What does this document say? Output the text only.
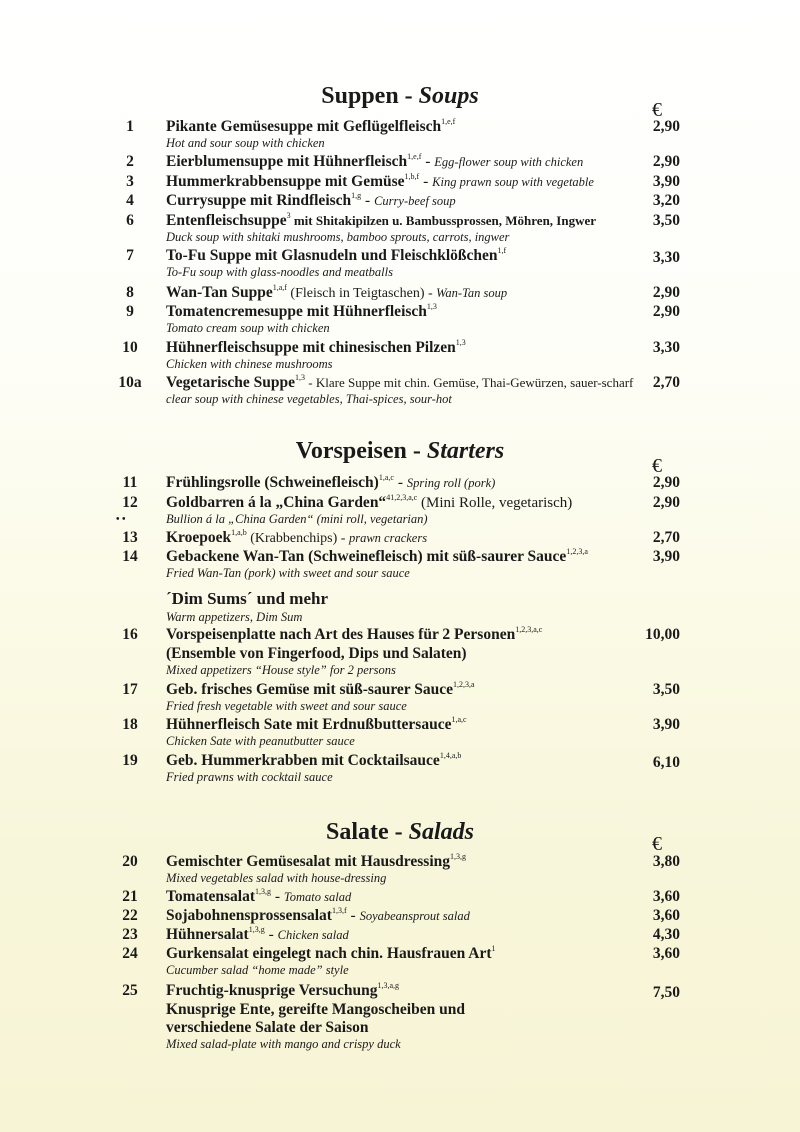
Suppen - Soups
€
1	Pikante Gemüsesuppe mit Geflügelfleisch$^{1,e,f}$	2,90
Hot and sour soup with chicken
2	Eierblumensuppe mit Hühnerfleisch$^{1,e,f}$ - Egg-flower soup with chicken	2,90
3	Hummerkrabbensuppe mit Gemüse$^{1,b,f}$ - King prawn soup with vegetable	3,90
4	Currysuppe mit Rindfleisch$^{1,g}$ - Curry-beef soup	3,20
6	Entenfleischsuppe$^3$ mit Shitakipilzen u. Bambussprossen, Möhren, Ingwer	3,50
Duck soup with shitaki mushrooms, bamboo sprouts, carrots, ingwer
7	To-Fu Suppe mit Glasnudeln und Fleischklößchen$^{1,f}$	3,30
To-Fu soup with glass-noodles and meatballs
8	Wan-Tan Suppe$^{1,a,f}$ (Fleisch in Teigtaschen) - Wan-Tan soup	2,90
9	Tomatencremesuppe mit Hühnerfleisch$^{1,3}$	2,90
Tomato cream soup with chicken
10	Hühnerfleischsuppe mit chinesischen Pilzen$^{1,3}$	3,30
Chicken with chinese mushrooms
10a	Vegetarische Suppe$^{1,3}$ - Klare Suppe mit chin. Gemüse, Thai-Gewürzen, sauer-scharf	2,70
clear soup with chinese vegetables, Thai-spices, sour-hot
Vorspeisen - Starters
€
11	Frühlingsrolle (Schweinefleisch)$^{1,a,c}$ - Spring roll (pork)	2,90
12	Goldbarren á la „China Garden“$^{41,2,3,a,c}$ (Mini Rolle, vegetarisch)	2,90
• •	Bullion á la „China Garden“ (mini roll, vegetarian)
13	Kroepoek$^{1,a,b}$ (Krabbenchips) - prawn crackers	2,70
14	Gebackene Wan-Tan (Schweinefleisch) mit süß-saurer Sauce$^{1,2,3,a}$	3,90
Fried Wan-Tan (pork) with sweet and sour sauce
´Dim Sums´ und mehr
Warm appetizers, Dim Sum
16	Vorspeisenplatte nach Art des Hauses für 2 Personen$^{1,2,3,a,c}$	10,00
(Ensemble von Fingerfood, Dips und Salaten)
Mixed appetizers “House style” for 2 persons
17	Geb. frisches Gemüse mit süß-saurer Sauce$^{1,2,3,a}$	3,50
Fried fresh vegetable with sweet and sour sauce
18	Hühnerfleisch Sate mit Erdnußbuttersauce$^{1,a,c}$	3,90
Chicken Sate with peanutbutter sauce
19	Geb. Hummerkrabben mit Cocktailsauce$^{1,4,a,b}$	6,10
Fried prawns with cocktail sauce
Salate - Salads	€
20	Gemischter Gemüsesalat mit Hausdressing$^{1,3,g}$	3,80
Mixed vegetables salad with house-dressing
21	Tomatensalat$^{1,3,g}$ - Tomato salad	3,60
22	Sojabohnensprossensalat$^{1,3,f}$ - Soyabeansprout salad	3,60
23	Hühnersalat$^{1,3,g}$ - Chicken salad	4,30
24	Gurkensalat eingelegt nach chin. Hausfrauen Art$^1$	3,60
Cucumber salad “home made” style
25	Fruchtig-knusprige Versuchung$^{1,3,a,g}$	7,50
Knusprige Ente, gereifte Mangoscheiben und
verschiedene Salate der Saison
Mixed salad-plate with mango and crispy duck
